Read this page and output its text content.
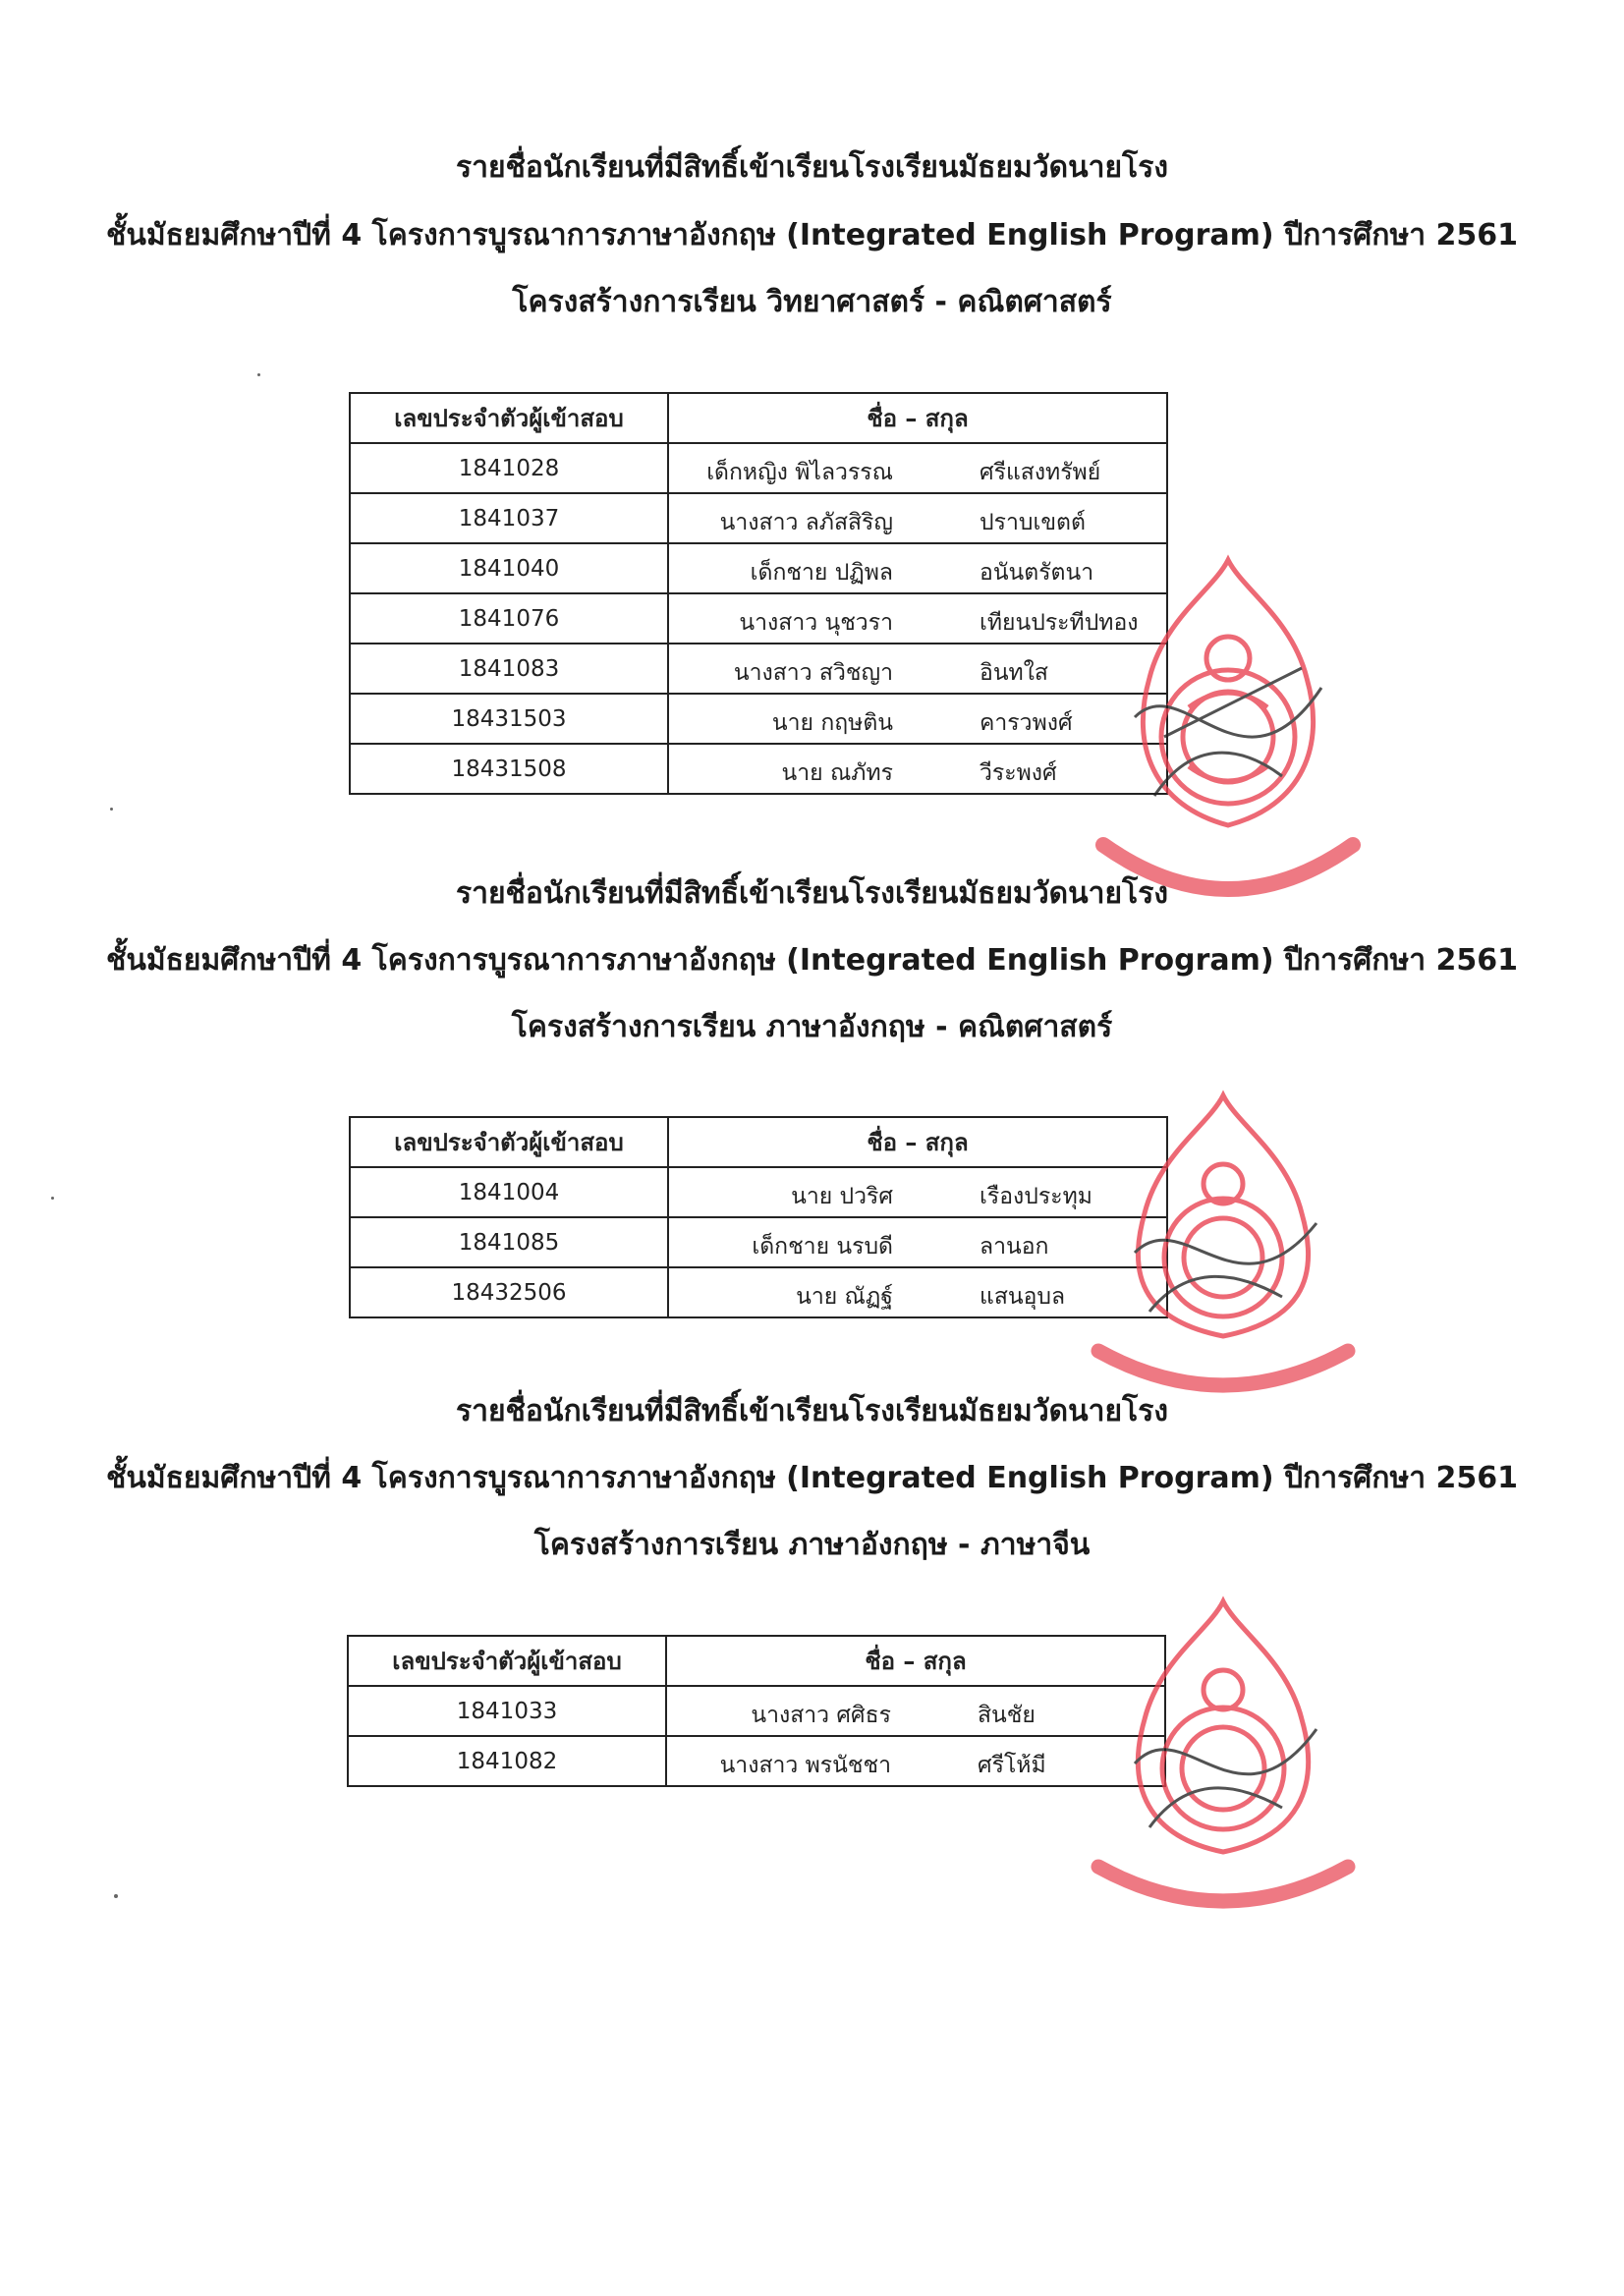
รายชื่อนักเรียนที่มีสิทธิ์เข้าเรียนโรงเรียนมัธยมวัดนายโรง
ชั้นมัธยมศึกษาปีที่ 4 โครงการบูรณาการภาษาอังกฤษ (Integrated English Program) ปีการศึกษา 2561
โครงสร้างการเรียน วิทยาศาสตร์ - คณิตศาสตร์
เลขประจำตัวผู้เข้าสอบ	ชื่อ – สกุล
1841028	เด็กหญิง พิไลวรรณ ศรีแสงทรัพย์

1841037	นางสาว ลภัสสิริญ ปราบเขตต์

1841040	เด็กชาย ปฏิพล อนันตรัตนา

1841076	นางสาว นุชวรา เทียนประทีปทอง

1841083	นางสาว สวิชญา อินทใส

18431503	นาย กฤษติน คารวพงศ์

18431508	นาย ณภัทร วีระพงศ์
รายชื่อนักเรียนที่มีสิทธิ์เข้าเรียนโรงเรียนมัธยมวัดนายโรง
ชั้นมัธยมศึกษาปีที่ 4 โครงการบูรณาการภาษาอังกฤษ (Integrated English Program) ปีการศึกษา 2561
โครงสร้างการเรียน ภาษาอังกฤษ - คณิตศาสตร์
เลขประจำตัวผู้เข้าสอบ	ชื่อ – สกุล
1841004	นาย ปวริศ เรืองประทุม

1841085	เด็กชาย นรบดี ลานอก

18432506	นาย ณัฏฐ์ แสนอุบล
รายชื่อนักเรียนที่มีสิทธิ์เข้าเรียนโรงเรียนมัธยมวัดนายโรง
ชั้นมัธยมศึกษาปีที่ 4 โครงการบูรณาการภาษาอังกฤษ (Integrated English Program) ปีการศึกษา 2561
โครงสร้างการเรียน ภาษาอังกฤษ - ภาษาจีน
เลขประจำตัวผู้เข้าสอบ	ชื่อ – สกุล
1841033	นางสาว ศศิธร สินชัย

1841082	นางสาว พรนัชชา ศรีโห้มี
